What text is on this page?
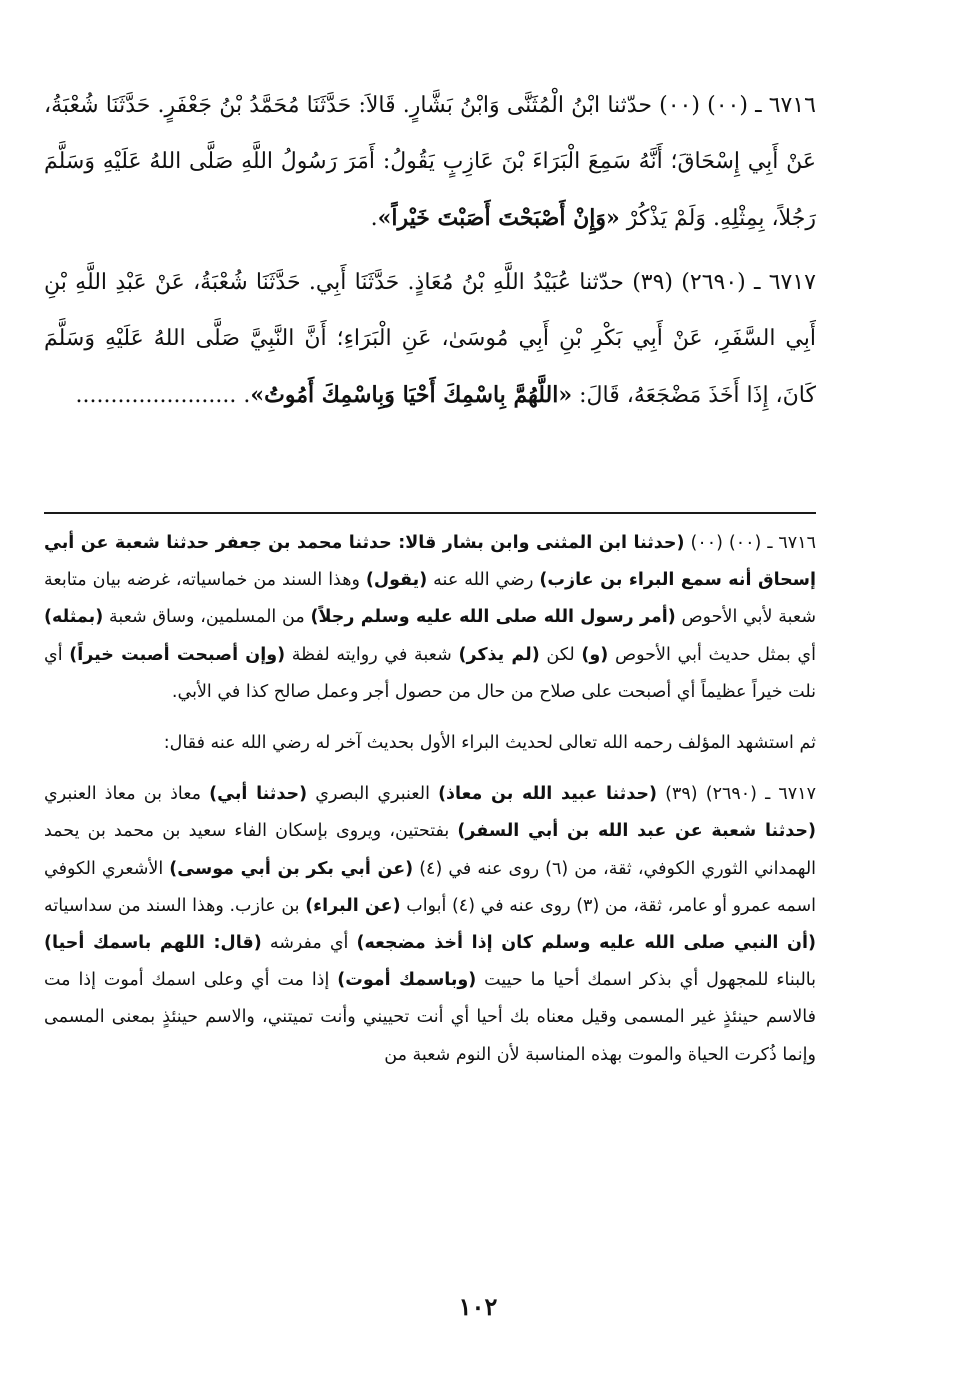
٦٧١٦ ـ (٠٠) (٠٠) حدّثنا ابْنُ الْمُثَنَّى وَابْنُ بَشَّارٍ. قَالاَ: حَدَّثَنَا مُحَمَّدُ بْنُ جَعْفَرٍ. حَدَّثَنَا شُعْبَةُ، عَنْ أَبِي إِسْحَاقَ؛ أَنَّهُ سَمِعَ الْبَرَاءَ بْنَ عَازِبٍ يَقُولُ: أَمَرَ رَسُولُ اللَّهِ صَلَّى اللهُ عَلَيْهِ وَسَلَّمَ رَجُلاً، بِمِثْلِهِ. وَلَمْ يَذْكُرْ «وَإِنْ أَصْبَحْتَ أَصَبْتَ خَيْراً».

٦٧١٧ ـ (٢٦٩٠) (٣٩) حدّثنا عُبَيْدُ اللَّهِ بْنُ مُعَاذٍ. حَدَّثَنَا أَبِي. حَدَّثَنَا شُعْبَةُ، عَنْ عَبْدِ اللَّهِ بْنِ أَبِي السَّفَرِ، عَنْ أَبِي بَكْرِ بْنِ أَبِي مُوسَىٰ، عَنِ الْبَرَاءِ؛ أَنَّ النَّبِيَّ صَلَّى اللهُ عَلَيْهِ وَسَلَّمَ كَانَ، إِذَا أَخَذَ مَضْجَعَهُ، قَالَ: «اللَّهُمَّ بِاسْمِكَ أَحْيَا وَبِاسْمِكَ أَمُوتُ». .......................

٦٧١٦ ـ (٠٠) (٠٠) (حدثنا ابن المثنى وابن بشار قالا: حدثنا محمد بن جعفر حدثنا شعبة عن أبي إسحاق أنه سمع البراء بن عازب) رضي الله عنه (يقول) وهذا السند من خماسياته، غرضه بيان متابعة شعبة لأبي الأحوص (أمر رسول الله صلى الله عليه وسلم رجلاً) من المسلمين، وساق شعبة (بمثله) أي بمثل حديث أبي الأحوص (و) لكن (لم يذكر) شعبة في روايته لفظة (وإن أصبحت أصبت خيراً) أي نلت خيراً عظيماً أي أصبحت على صلاح من حال من حصول أجر وعمل صالح كذا في الأبي.

ثم استشهد المؤلف رحمه الله تعالى لحديث البراء الأول بحديث آخر له رضي الله عنه فقال:

٦٧١٧ ـ (٢٦٩٠) (٣٩) (حدثنا عبيد الله بن معاذ) العنبري البصري (حدثنا أبي) معاذ بن معاذ العنبري (حدثنا شعبة عن عبد الله بن أبي السفر) بفتحتين، ويروى بإسكان الفاء سعيد بن محمد بن يحمد الهمداني الثوري الكوفي، ثقة، من (٦) روى عنه في (٤) (عن أبي بكر بن أبي موسى) الأشعري الكوفي اسمه عمرو أو عامر، ثقة، من (٣) روى عنه في (٤) أبواب (عن البراء) بن عازب. وهذا السند من سداسياته (أن النبي صلى الله عليه وسلم كان إذا أخذ مضجعه) أي مفرشه (قال: اللهم باسمك أحيا) بالبناء للمجهول أي بذكر اسمك أحيا ما حييت (وباسمك أموت) إذا مت أي وعلى اسمك أموت إذا مت فالاسم حينئذٍ غير المسمى وقيل معناه بك أحيا أي أنت تحييني وأنت تميتني، والاسم حينئذٍ بمعنى المسمى وإنما ذُكرت الحياة والموت بهذه المناسبة لأن النوم شعبة من

١٠٢
